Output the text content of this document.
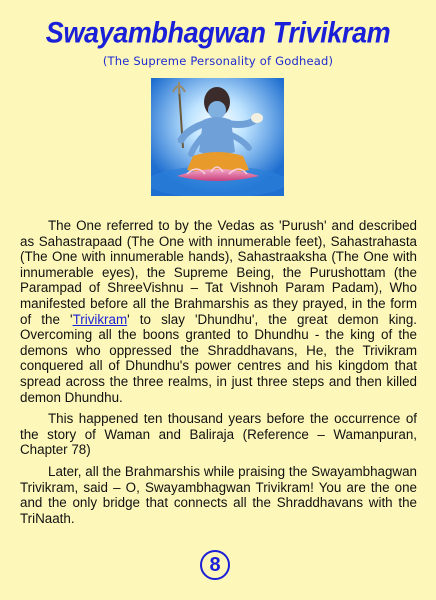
Swayambhagwan Trivikram
(The Supreme Personality of Godhead)

The One referred to by the Vedas as 'Purush' and described as Sahastrapaad (The One with innumerable feet), Sahastrahasta (The One with innumerable hands), Sahastraaksha (The One with innumerable eyes), the Supreme Being, the Purushottam (the Parampad of ShreeVishnu – Tat Vishnoh Param Padam), Who manifested before all the Brahmarshis as they prayed, in the form of the 'Trivikram' to slay 'Dhundhu', the great demon king. Overcoming all the boons granted to Dhundhu - the king of the demons who oppressed the Shraddhavans, He, the Trivikram conquered all of Dhundhu's power centres and his kingdom that spread across the three realms, in just three steps and then killed demon Dhundhu.

This happened ten thousand years before the occurrence of the story of Waman and Baliraja (Reference – Wamanpuran, Chapter 78)

Later, all the Brahmarshis while praising the Swayambhagwan Trivikram, said – O, Swayambhagwan Trivikram! You are the one and the only bridge that connects all the Shraddhavans with the TriNaath.

8
